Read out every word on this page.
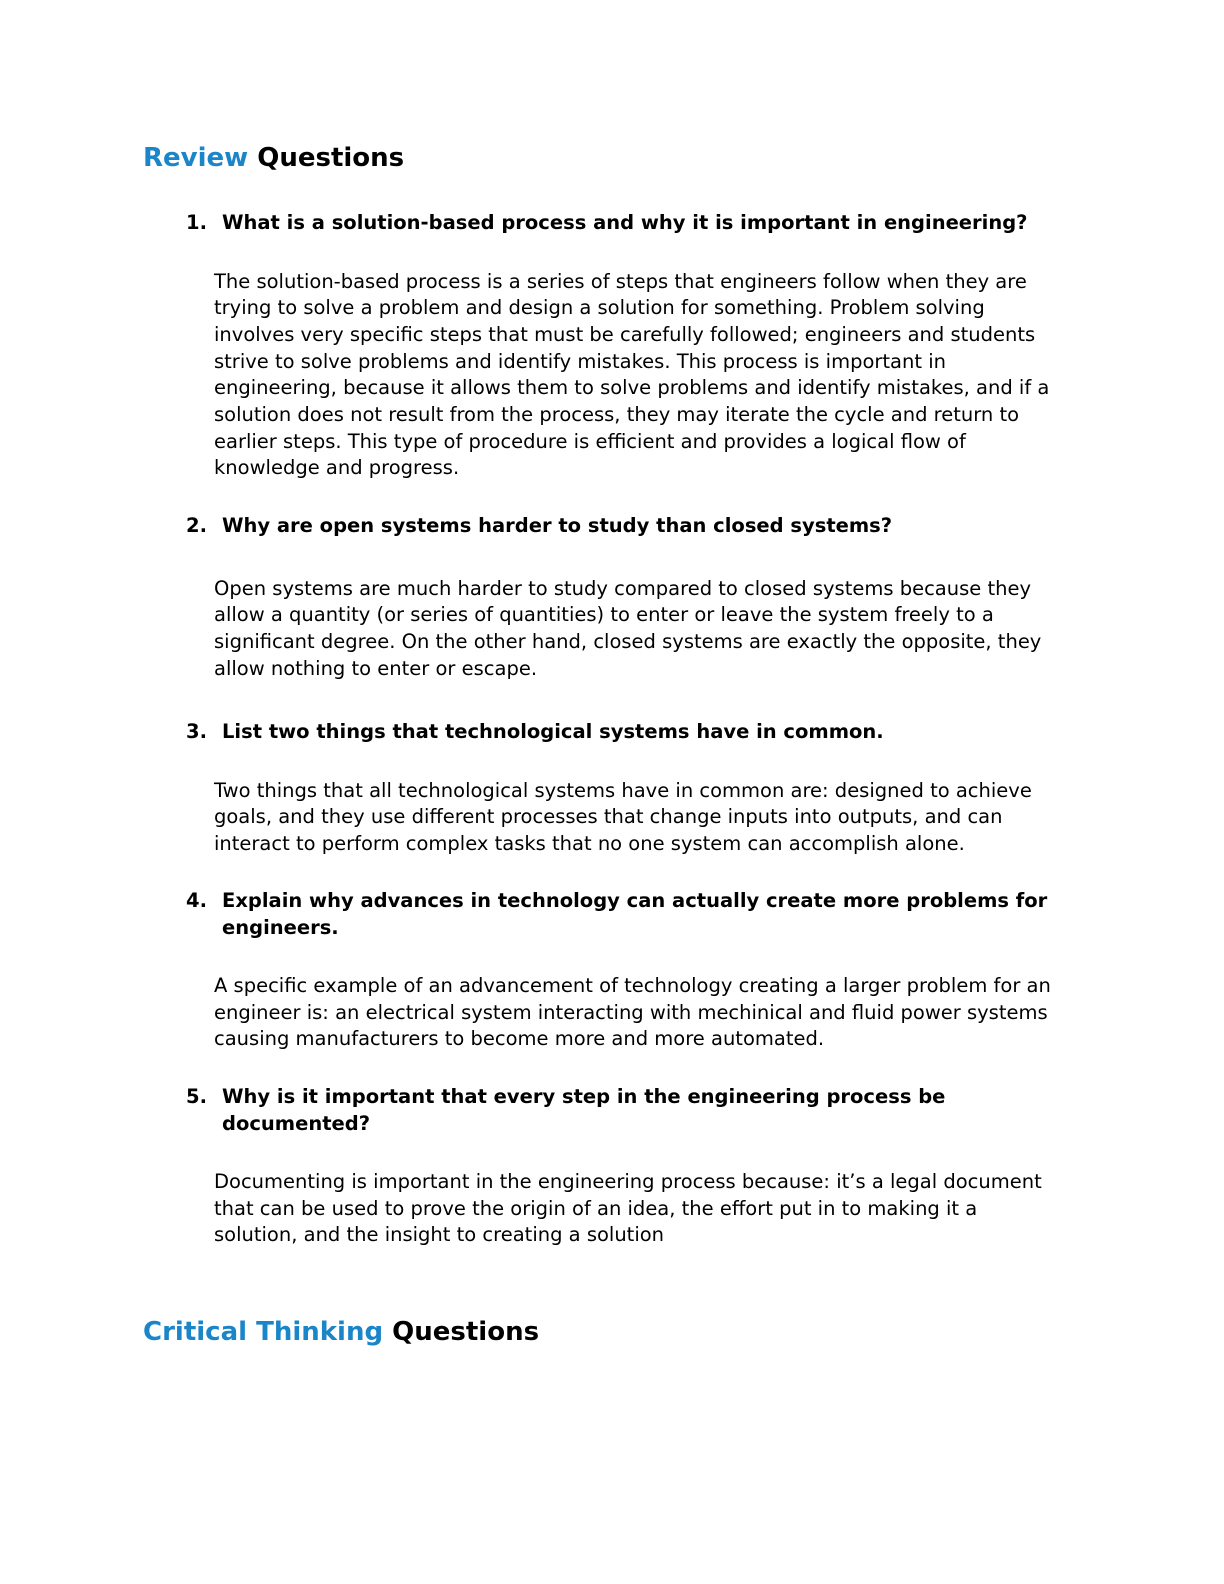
Review Questions

1. What is a solution-based process and why it is important in engineering?

The solution-based process is a series of steps that engineers follow when they are trying to solve a problem and design a solution for something. Problem solving involves very specific steps that must be carefully followed; engineers and students strive to solve problems and identify mistakes. This process is important in engineering, because it allows them to solve problems and identify mistakes, and if a solution does not result from the process, they may iterate the cycle and return to earlier steps. This type of procedure is efficient and provides a logical flow of knowledge and progress.

2. Why are open systems harder to study than closed systems?

Open systems are much harder to study compared to closed systems because they allow a quantity (or series of quantities) to enter or leave the system freely to a significant degree. On the other hand, closed systems are exactly the opposite, they allow nothing to enter or escape.

3. List two things that technological systems have in common.

Two things that all technological systems have in common are: designed to achieve goals, and they use different processes that change inputs into outputs, and can interact to perform complex tasks that no one system can accomplish alone.

4. Explain why advances in technology can actually create more problems for engineers.

A specific example of an advancement of technology creating a larger problem for an engineer is: an electrical system interacting with mechinical and fluid power systems causing manufacturers to become more and more automated.

5. Why is it important that every step in the engineering process be documented?

Documenting is important in the engineering process because: it’s a legal document that can be used to prove the origin of an idea, the effort put in to making it a solution, and the insight to creating a solution

Critical Thinking Questions
